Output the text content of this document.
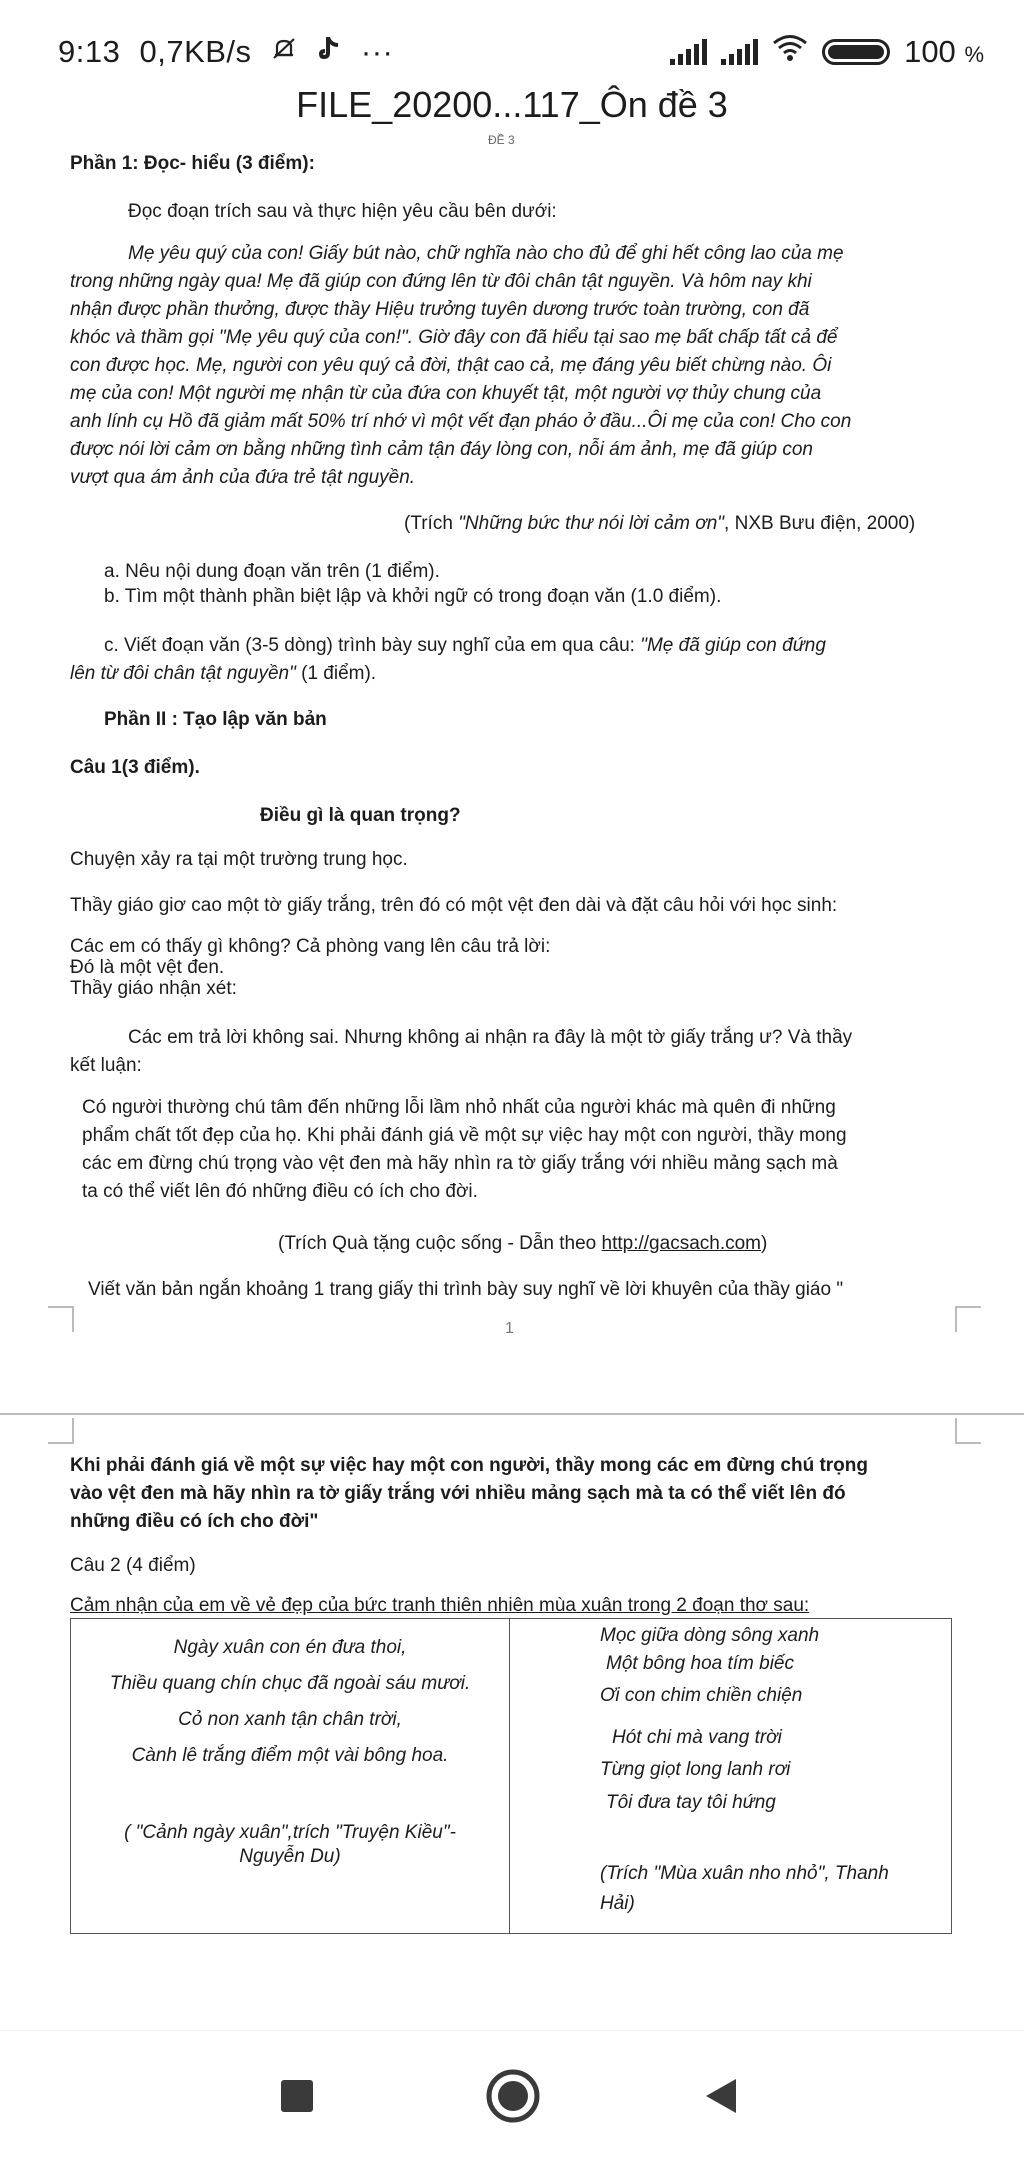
9:13 0,7KB/s	···	100 %
FILE_20200...117_Ôn đề 3
ĐỀ 3
Phần 1: Đọc- hiểu (3 điểm):
Đọc đoạn trích sau và thực hiện yêu cầu bên dưới:
Mẹ yêu quý của con! Giấy bút nào, chữ nghĩa nào cho đủ để ghi hết công lao của mẹ
trong những ngày qua! Mẹ đã giúp con đứng lên từ đôi chân tật nguyền. Và hôm nay khi
nhận được phần thưởng, được thầy Hiệu trưởng tuyên dương trước toàn trường, con đã
khóc và thầm gọi "Mẹ yêu quý của con!". Giờ đây con đã hiểu tại sao mẹ bất chấp tất cả để
con được học. Mẹ, người con yêu quý cả đời, thật cao cả, mẹ đáng yêu biết chừng nào. Ôi
mẹ của con! Một người mẹ nhận từ của đứa con khuyết tật, một người vợ thủy chung của
anh lính cụ Hồ đã giảm mất 50% trí nhớ vì một vết đạn pháo ở đầu...Ôi mẹ của con! Cho con
được nói lời cảm ơn bằng những tình cảm tận đáy lòng con, nỗi ám ảnh, mẹ đã giúp con
vượt qua ám ảnh của đứa trẻ tật nguyền.
(Trích "Những bức thư nói lời cảm ơn", NXB Bưu điện, 2000)
a. Nêu nội dung đoạn văn trên (1 điểm).
b. Tìm một thành phần biệt lập và khởi ngữ có trong đoạn văn (1.0 điểm).
c. Viết đoạn văn (3-5 dòng) trình bày suy nghĩ của em qua câu: "Mẹ đã giúp con đứng
lên từ đôi chân tật nguyền" (1 điểm).
Phần II : Tạo lập văn bản
Câu 1(3 điểm).
Điều gì là quan trọng?
Chuyện xảy ra tại một trường trung học.
Thầy giáo giơ cao một tờ giấy trắng, trên đó có một vệt đen dài và đặt câu hỏi với học sinh:
Các em có thấy gì không? Cả phòng vang lên câu trả lời:
Đó là một vệt đen.
Thầy giáo nhận xét:
Các em trả lời không sai. Nhưng không ai nhận ra đây là một tờ giấy trắng ư? Và thầy
kết luận:
Có người thường chú tâm đến những lỗi lầm nhỏ nhất của người khác mà quên đi những
phẩm chất tốt đẹp của họ. Khi phải đánh giá về một sự việc hay một con người, thầy mong
các em đừng chú trọng vào vệt đen mà hãy nhìn ra tờ giấy trắng với nhiều mảng sạch mà
ta có thể viết lên đó những điều có ích cho đời.
(Trích Quà tặng cuộc sống - Dẫn theo http://gacsach.com)
Viết văn bản ngắn khoảng 1 trang giấy thi trình bày suy nghĩ về lời khuyên của thầy giáo "
1
Khi phải đánh giá về một sự việc hay một con người, thầy mong các em đừng chú trọng
vào vệt đen mà hãy nhìn ra tờ giấy trắng với nhiều mảng sạch mà ta có thể viết lên đó
những điều có ích cho đời"
Câu 2 (4 điểm)
Cảm nhận của em về vẻ đẹp của bức tranh thiên nhiên mùa xuân trong 2 đoạn thơ sau:
Ngày xuân con én đưa thoi,
Thiều quang chín chục đã ngoài sáu mươi.
Cỏ non xanh tận chân trời,
Cành lê trắng điểm một vài bông hoa.
( "Cảnh ngày xuân",trích "Truyện Kiều"-
Nguyễn Du)

Mọc giữa dòng sông xanh
Một bông hoa tím biếc
Ơi con chim chiền chiện
Hót chi mà vang trời
Từng giọt long lanh rơi
Tôi đưa tay tôi hứng
(Trích "Mùa xuân nho nhỏ", Thanh
Hải)
